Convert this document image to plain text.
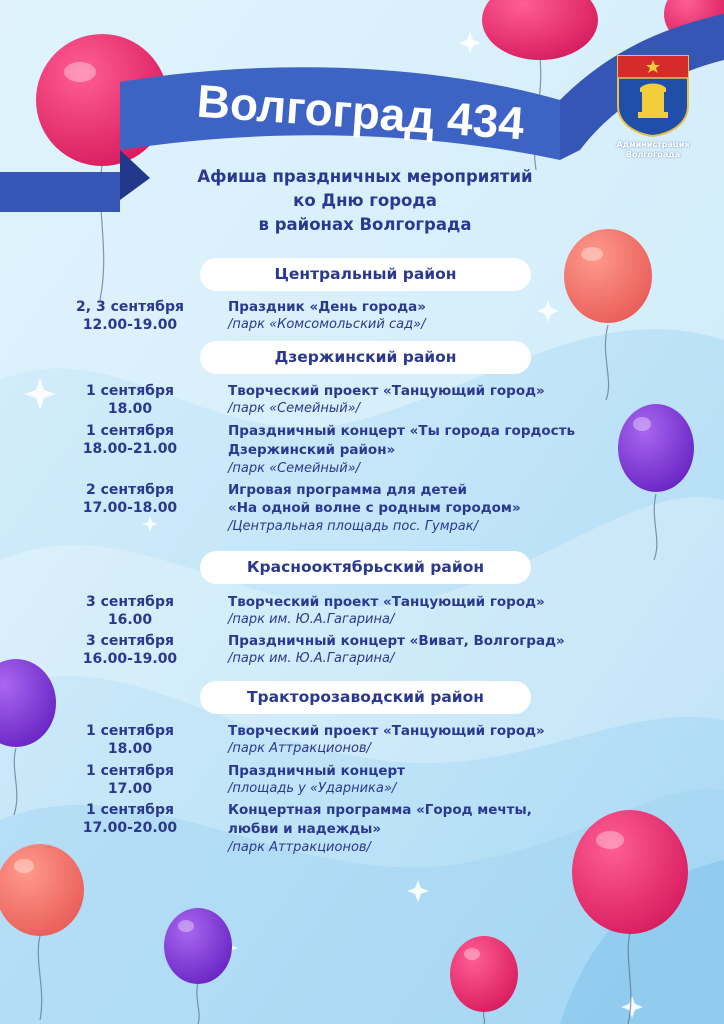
Волгоград 434	Администрация
Волгограда
Афиша праздничных мероприятий
ко Дню города
в районах Волгограда
Центральный район
2, 3 сентября
12.00-19.00
Праздник «День города»
/парк «Комсомольский сад»/
Дзержинский район
1 сентября
18.00
Творческий проект «Танцующий город»
/парк «Семейный»/
1 сентября
18.00-21.00
Праздничный концерт «Ты города гордость
Дзержинский район»
/парк «Семейный»/
2 сентября
17.00-18.00
Игровая программа для детей
«На одной волне с родным городом»
/Центральная площадь пос. Гумрак/
Краснооктябрьский район
3 сентября
16.00
Творческий проект «Танцующий город»
/парк им. Ю.А.Гагарина/
3 сентября
16.00-19.00
Праздничный концерт «Виват, Волгоград»
/парк им. Ю.А.Гагарина/
Тракторозаводский район
1 сентября
18.00
Творческий проект «Танцующий город»
/парк Аттракционов/
1 сентября
17.00
Праздничный концерт
/площадь у «Ударника»/
1 сентября
17.00-20.00
Концертная программа «Город мечты,
любви и надежды»
/парк Аттракционов/
